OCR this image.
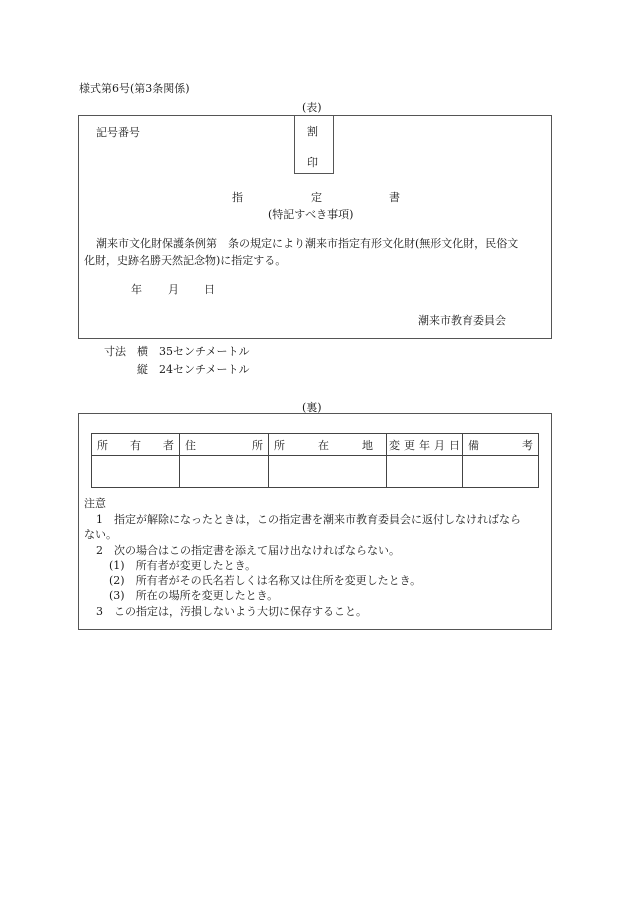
様式第6号(第3条関係)
(表)
記号番号	割
印
指	定	書
(特記すべき事項)
潮来市文化財保護条例第　条の規定により潮来市指定有形文化財(無形文化財，民俗文
化財，史跡名勝天然記念物)に指定する。
年 月 日
潮来市教育委員会
寸法 横　35センチメートル
縦　24センチメートル
(裏)
所 有 者	住 所	所 在 地	変 更 年 月 日	備 考

注意
1　指定が解除になったときは，この指定書を潮来市教育委員会に返付しなければなら
ない。
2　次の場合はこの指定書を添えて届け出なければならない。
(1)　所有者が変更したとき。
(2)　所有者がその氏名若しくは名称又は住所を変更したとき。
(3)　所在の場所を変更したとき。
3　この指定は，汚損しないよう大切に保存すること。
